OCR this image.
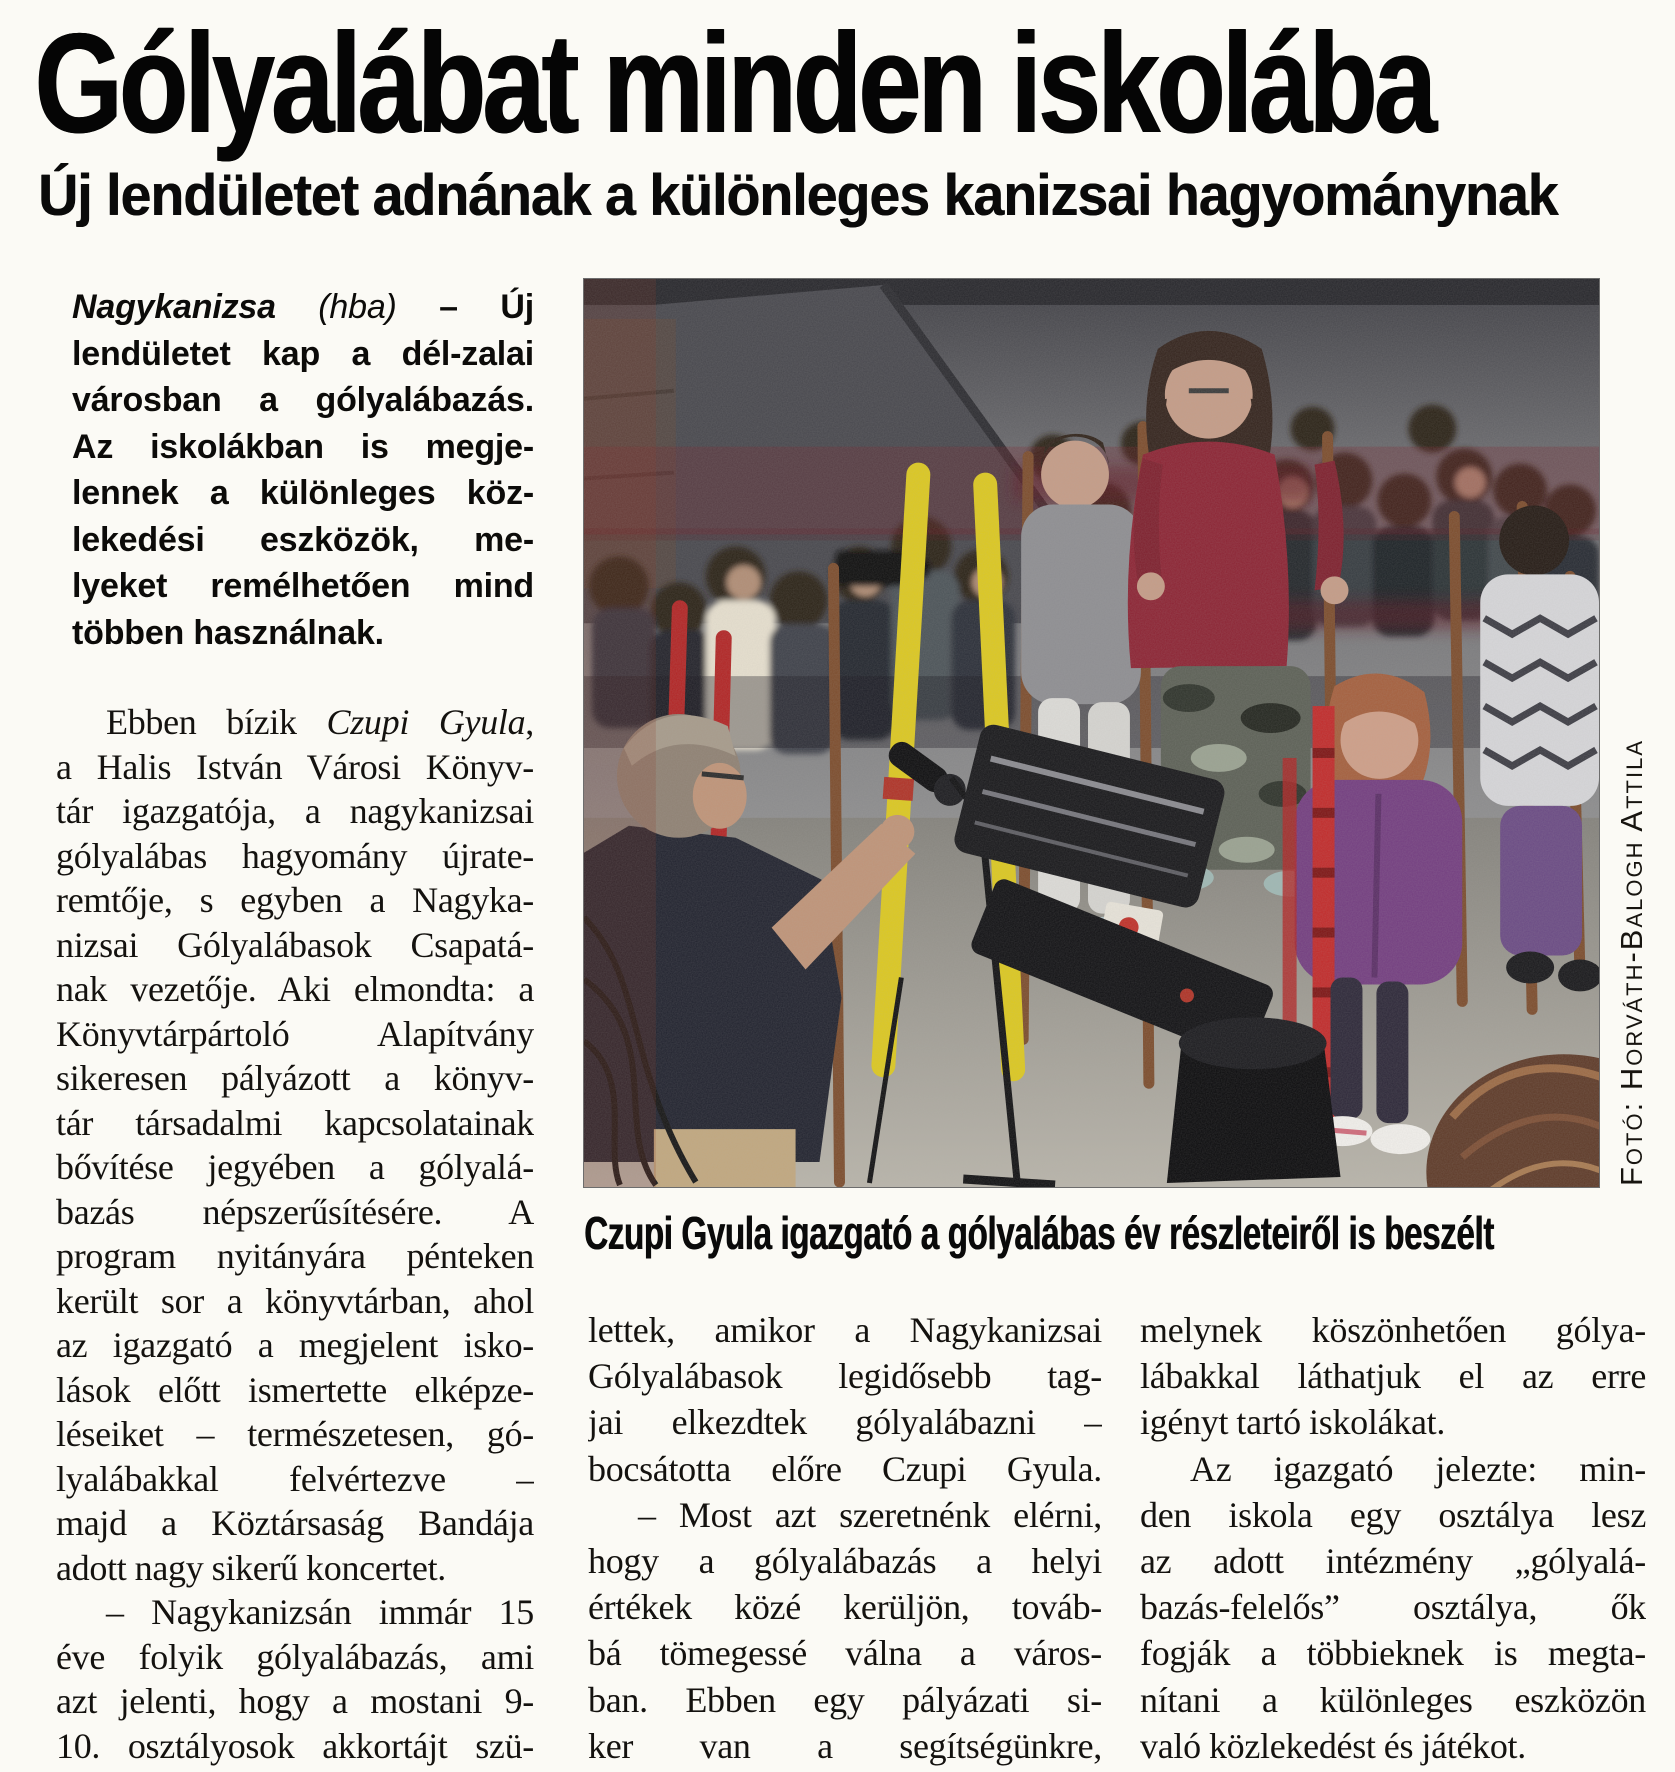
Gólyalábat minden iskolába
Új lendületet adnának a különleges kanizsai hagyománynak

Nagykanizsa (hba) – Új
lendületet kap a dél-zalai
városban a gólyalábazás.
Az iskolákban is megje-
lennek a különleges köz-
lekedési eszközök, me-
lyeket remélhetően mind
többen használnak.

Ebben bízik Czupi Gyula,
a Halis István Városi Könyv-
tár igazgatója, a nagykanizsai
gólyalábas hagyomány újrate-
remtője, s egyben a Nagyka-
nizsai Gólyalábasok Csapatá-
nak vezetője. Aki elmondta: a
Könyvtárpártoló Alapítvány
sikeresen pályázott a könyv-
tár társadalmi kapcsolatainak
bővítése jegyében a gólyalá-
bazás népszerűsítésére. A
program nyitányára pénteken
került sor a könyvtárban, ahol
az igazgató a megjelent isko-
lások előtt ismertette elképze-
léseiket – természetesen, gó-
lyalábakkal felvértezve –
majd a Köztársaság Bandája
adott nagy sikerű koncertet.
– Nagykanizsán immár 15
éve folyik gólyalábazás, ami
azt jelenti, hogy a mostani 9-
10. osztályosok akkortájt szü-

Fotó: Horváth-Balogh Attila
Czupi Gyula igazgató a gólyalábas év részleteiről is beszélt
lettek, amikor a Nagykanizsai
Gólyalábasok legidősebb tag-
jai elkezdtek gólyalábazni –
bocsátotta előre Czupi Gyula.
– Most azt szeretnénk elérni,
hogy a gólyalábazás a helyi
értékek közé kerüljön, továb-
bá tömegessé válna a város-
ban. Ebben egy pályázati si-
ker van a segítségünkre,
melynek köszönhetően gólya-
lábakkal láthatjuk el az erre
igényt tartó iskolákat.
Az igazgató jelezte: min-
den iskola egy osztálya lesz
az adott intézmény „gólyalá-
bazás-felelős” osztálya, ők
fogják a többieknek is megta-
nítani a különleges eszközön
való közlekedést és játékot.
